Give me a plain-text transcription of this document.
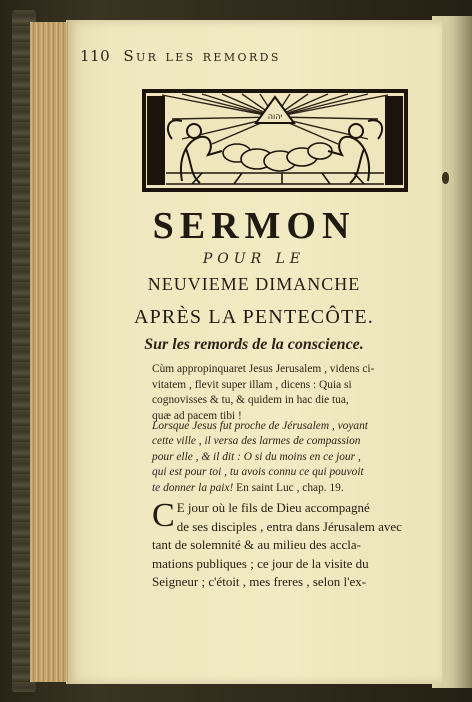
110 Sur les remords
יהוה
SERMON
POUR LE
NEUVIEME DIMANCHE
APRÈS LA PENTECÔTE.
Sur les remords de la conscience.
Cùm appropinquaret Jesus Jerusalem , videns ci-
vitatem , flevit super illam , dicens : Quia si
cognovisses & tu, & quidem in hac die tua,
quæ ad pacem tibi !
Lorsque Jesus fut proche de Jérusalem , voyant
cette ville , il versa des larmes de compassion
pour elle , & il dit : O si du moins en ce jour ,
qui est pour toi , tu avois connu ce qui pouvoit
te donner la paix! En saint Luc , chap. 19.
C E jour où le fils de Dieu accompagné
de ses disciples , entra dans Jérusalem avec
tant de solemnité & au milieu des accla-
mations publiques ; ce jour de la visite du
Seigneur ; c'étoit , mes freres , selon l'ex-
